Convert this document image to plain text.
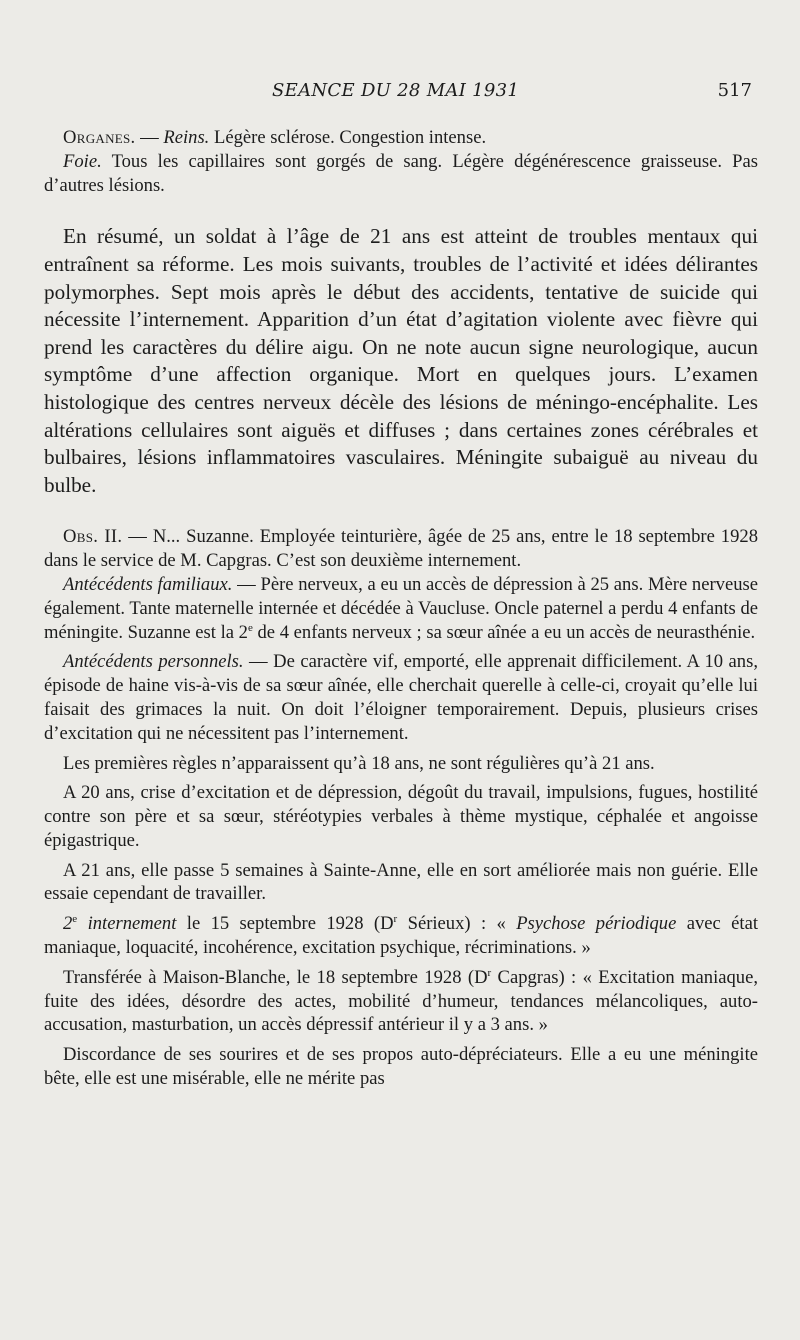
SEANCE DU 28 MAI 1931	517

Organes. — Reins. Légère sclérose. Congestion intense.

Foie. Tous les capillaires sont gorgés de sang. Légère dégénérescence graisseuse. Pas d’autres lésions.

En résumé, un soldat à l’âge de 21 ans est atteint de troubles mentaux qui entraînent sa réforme. Les mois suivants, troubles de l’activité et idées délirantes polymorphes. Sept mois après le début des accidents, tentative de suicide qui nécessite l’internement. Apparition d’un état d’agitation violente avec fièvre qui prend les caractères du délire aigu. On ne note aucun signe neurologique, aucun symptôme d’une affection organique. Mort en quelques jours. L’examen histologique des centres nerveux décèle des lésions de méningo-encéphalite. Les altérations cellulaires sont aiguës et diffuses ; dans certaines zones cérébrales et bulbaires, lésions inflammatoires vasculaires. Méningite subaiguë au niveau du bulbe.

Obs. II. — N... Suzanne. Employée teinturière, âgée de 25 ans, entre le 18 septembre 1928 dans le service de M. Capgras. C’est son deuxième internement.

Antécédents familiaux. — Père nerveux, a eu un accès de dépression à 25 ans. Mère nerveuse également. Tante maternelle internée et décédée à Vaucluse. Oncle paternel a perdu 4 enfants de méningite. Suzanne est la 2e de 4 enfants nerveux ; sa sœur aînée a eu un accès de neurasthénie.

Antécédents personnels. — De caractère vif, emporté, elle apprenait difficilement. A 10 ans, épisode de haine vis-à-vis de sa sœur aînée, elle cherchait querelle à celle-ci, croyait qu’elle lui faisait des grimaces la nuit. On doit l’éloigner temporairement. Depuis, plusieurs crises d’excitation qui ne nécessitent pas l’internement.

Les premières règles n’apparaissent qu’à 18 ans, ne sont régulières qu’à 21 ans.

A 20 ans, crise d’excitation et de dépression, dégoût du travail, impulsions, fugues, hostilité contre son père et sa sœur, stéréotypies verbales à thème mystique, céphalée et angoisse épigastrique.

A 21 ans, elle passe 5 semaines à Sainte-Anne, elle en sort améliorée mais non guérie. Elle essaie cependant de travailler.

2e internement le 15 septembre 1928 ($D^r$ Sérieux) : « Psychose périodique avec état maniaque, loquacité, incohérence, excitation psychique, récriminations. »

Transférée à Maison-Blanche, le 18 septembre 1928 ($D^r$ Capgras) : « Excitation maniaque, fuite des idées, désordre des actes, mobilité d’humeur, tendances mélancoliques, auto-accusation, masturbation, un accès dépressif antérieur il y a 3 ans. »

Discordance de ses sourires et de ses propos auto-dépréciateurs. Elle a eu une méningite bête, elle est une misérable, elle ne mérite pas
